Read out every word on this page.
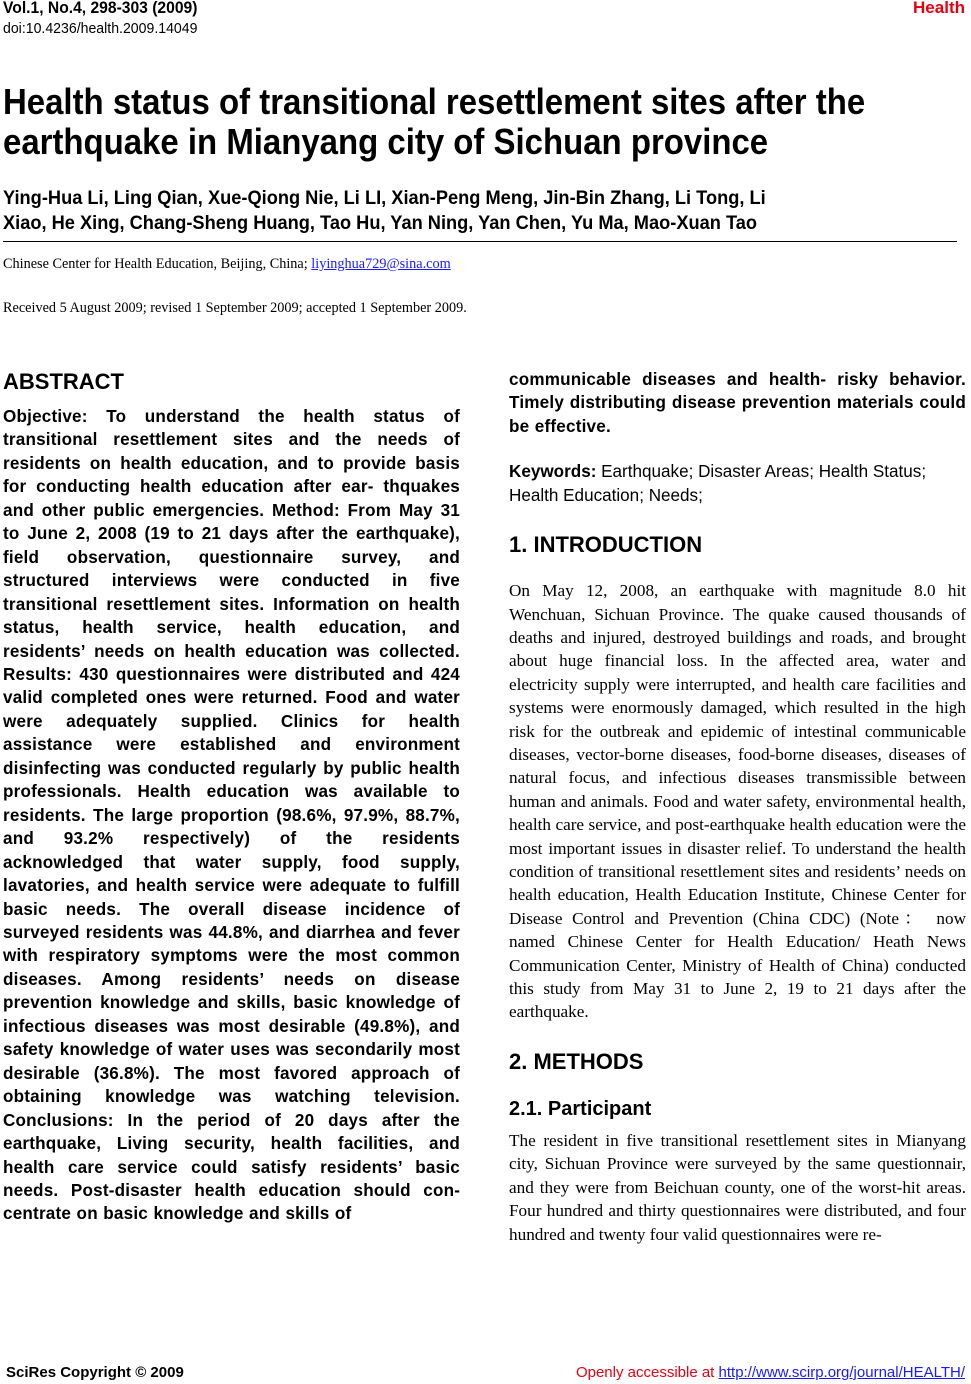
Vol.1, No.4, 298-303 (2009)
doi:10.4236/health.2009.14049
Health
Health status of transitional resettlement sites after the
earthquake in Mianyang city of Sichuan province
Ying-Hua Li, Ling Qian, Xue-Qiong Nie, Li LI, Xian-Peng Meng, Jin-Bin Zhang, Li Tong, Li
Xiao, He Xing, Chang-Sheng Huang, Tao Hu, Yan Ning, Yan Chen, Yu Ma, Mao-Xuan Tao
Chinese Center for Health Education, Beijing, China; liyinghua729@sina.com
Received 5 August 2009; revised 1 September 2009; accepted 1 September 2009.
ABSTRACT

Objective: To understand the health status of transitional resettlement sites and the needs of residents on health education, and to provide basis for conducting health education after ear- thquakes and other public emergencies. Method: From May 31 to June 2, 2008 (19 to 21 days after the earthquake), field observation, questionnaire survey, and structured interviews were conducted in five transitional resettlement sites. Information on health status, health service, health education, and residents’ needs on health education was collected. Results: 430 questionnaires were distributed and 424 valid completed ones were returned. Food and water were adequately supplied. Clinics for health assistance were established and environment disinfecting was conducted regularly by public health professionals. Health education was available to residents. The large proportion (98.6%, 97.9%, 88.7%, and 93.2% respectively) of the residents acknowledged that water supply, food supply, lavatories, and health service were adequate to fulfill basic needs. The overall disease incidence of surveyed residents was 44.8%, and diarrhea and fever with respiratory symptoms were the most common diseases. Among residents’ needs on disease prevention knowledge and skills, basic knowledge of infectious diseases was most desirable (49.8%), and safety knowledge of water uses was secondarily most desirable (36.8%). The most favored approach of obtaining knowledge was watching television. Conclusions: In the period of 20 days after the earthquake, Living security, health facilities, and health care service could satisfy residents’ basic needs. Post-disaster health education should concentrate on basic knowledge and skills of

communicable diseases and health- risky behavior. Timely distributing disease prevention materials could be effective.

Keywords: Earthquake; Disaster Areas; Health Status; Health Education; Needs;

1. INTRODUCTION

On May 12, 2008, an earthquake with magnitude 8.0 hit Wenchuan, Sichuan Province. The quake caused thousands of deaths and injured, destroyed buildings and roads, and brought about huge financial loss. In the affected area, water and electricity supply were interrupted, and health care facilities and systems were enormously damaged, which resulted in the high risk for the outbreak and epidemic of intestinal communicable diseases, vector-borne diseases, food-borne diseases, diseases of natural focus, and infectious diseases transmissible between human and animals. Food and water safety, environmental health, health care service, and post-earthquake health education were the most important issues in disaster relief. To understand the health condition of transitional resettlement sites and residents’ needs on health education, Health Education Institute, Chinese Center for Disease Control and Prevention (China CDC) (Note： now named Chinese Center for Health Education/ Heath News Communication Center, Ministry of Health of China) conducted this study from May 31 to June 2, 19 to 21 days after the earthquake.

2. METHODS
2.1. Participant

The resident in five transitional resettlement sites in Mianyang city, Sichuan Province were surveyed by the same questionnair, and they were from Beichuan county, one of the worst-hit areas. Four hundred and thirty questionnaires were distributed, and four hundred and twenty four valid questionnaires were re-

SciRes Copyright © 2009	Openly accessible at http://www.scirp.org/journal/HEALTH/
